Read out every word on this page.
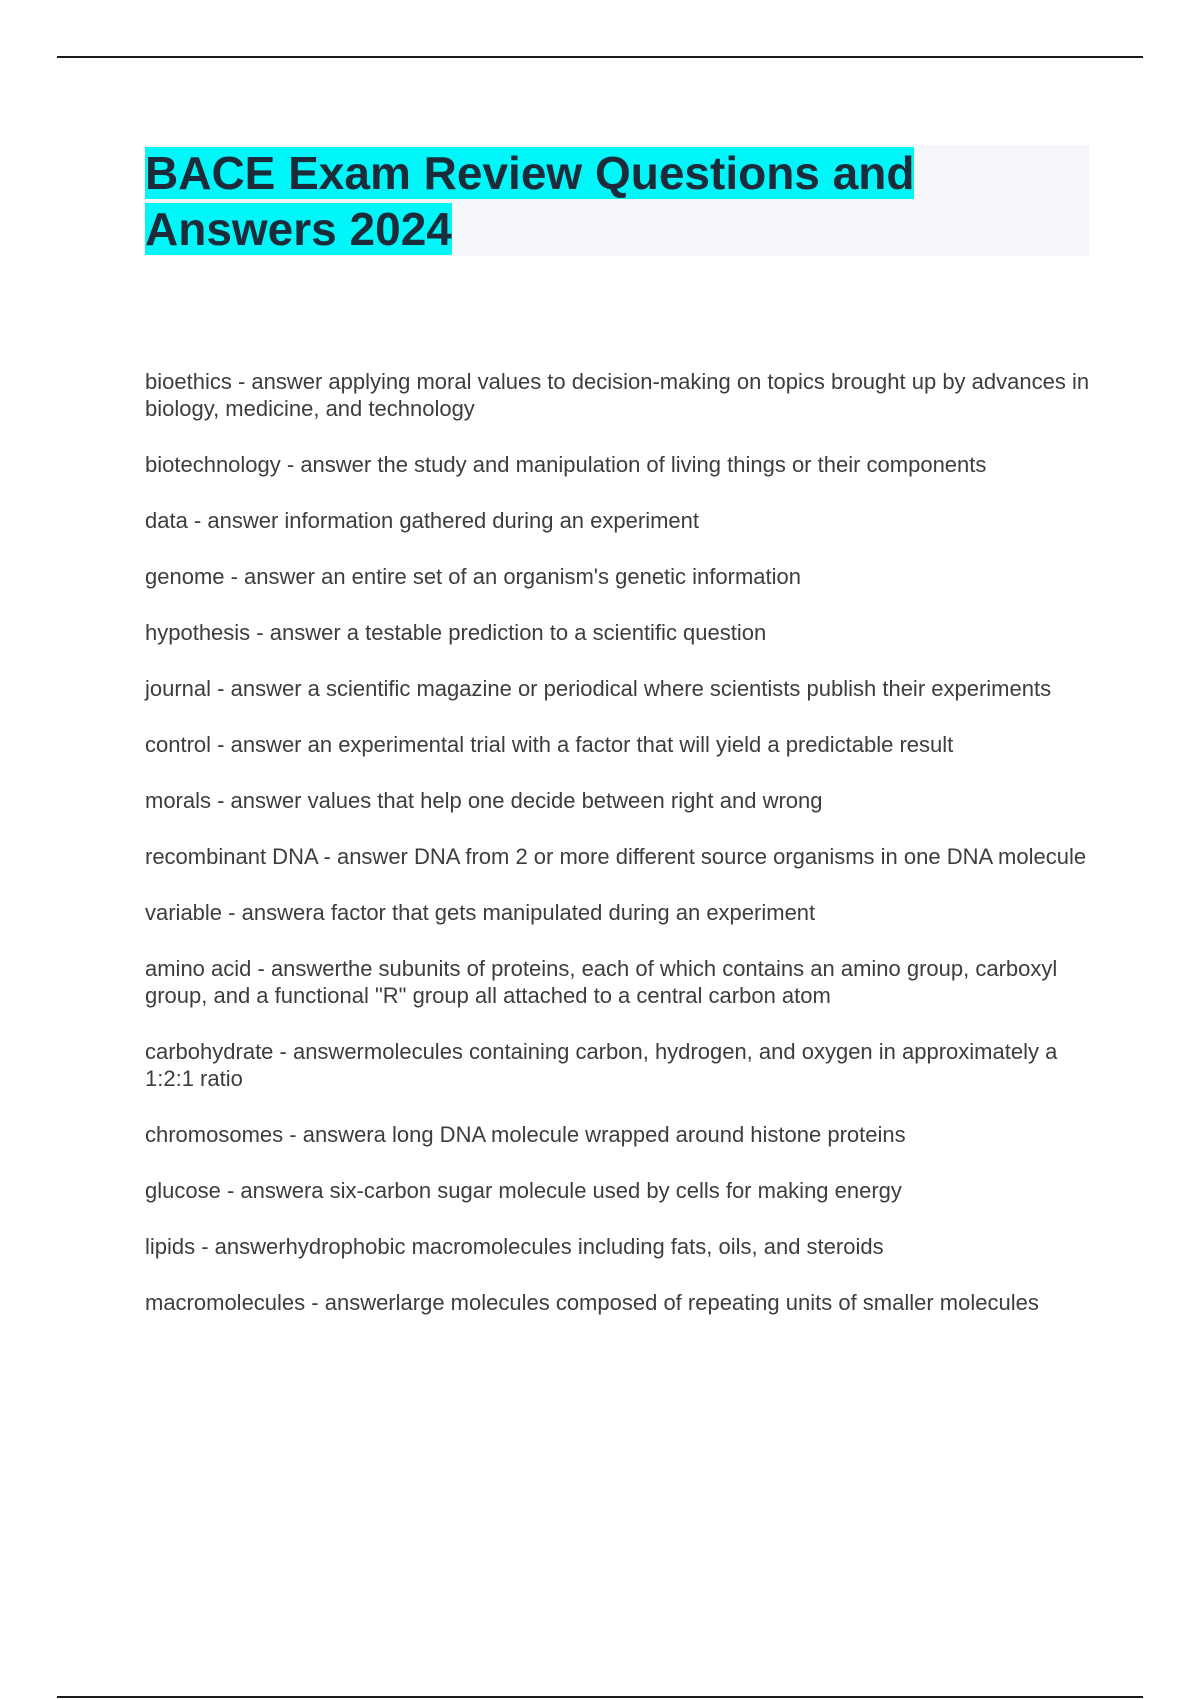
BACE Exam Review Questions and Answers 2024

bioethics - answer applying moral values to decision-making on topics brought up by advances in biology, medicine, and technology

biotechnology - answer the study and manipulation of living things or their components

data - answer information gathered during an experiment

genome - answer an entire set of an organism's genetic information

hypothesis - answer a testable prediction to a scientific question

journal - answer a scientific magazine or periodical where scientists publish their experiments

control - answer an experimental trial with a factor that will yield a predictable result

morals - answer values that help one decide between right and wrong

recombinant DNA - answer DNA from 2 or more different source organisms in one DNA molecule

variable - answera factor that gets manipulated during an experiment

amino acid - answerthe subunits of proteins, each of which contains an amino group, carboxyl group, and a functional "R" group all attached to a central carbon atom

carbohydrate - answermolecules containing carbon, hydrogen, and oxygen in approximately a 1:2:1 ratio

chromosomes - answera long DNA molecule wrapped around histone proteins

glucose - answera six-carbon sugar molecule used by cells for making energy

lipids - answerhydrophobic macromolecules including fats, oils, and steroids

macromolecules - answerlarge molecules composed of repeating units of smaller molecules
